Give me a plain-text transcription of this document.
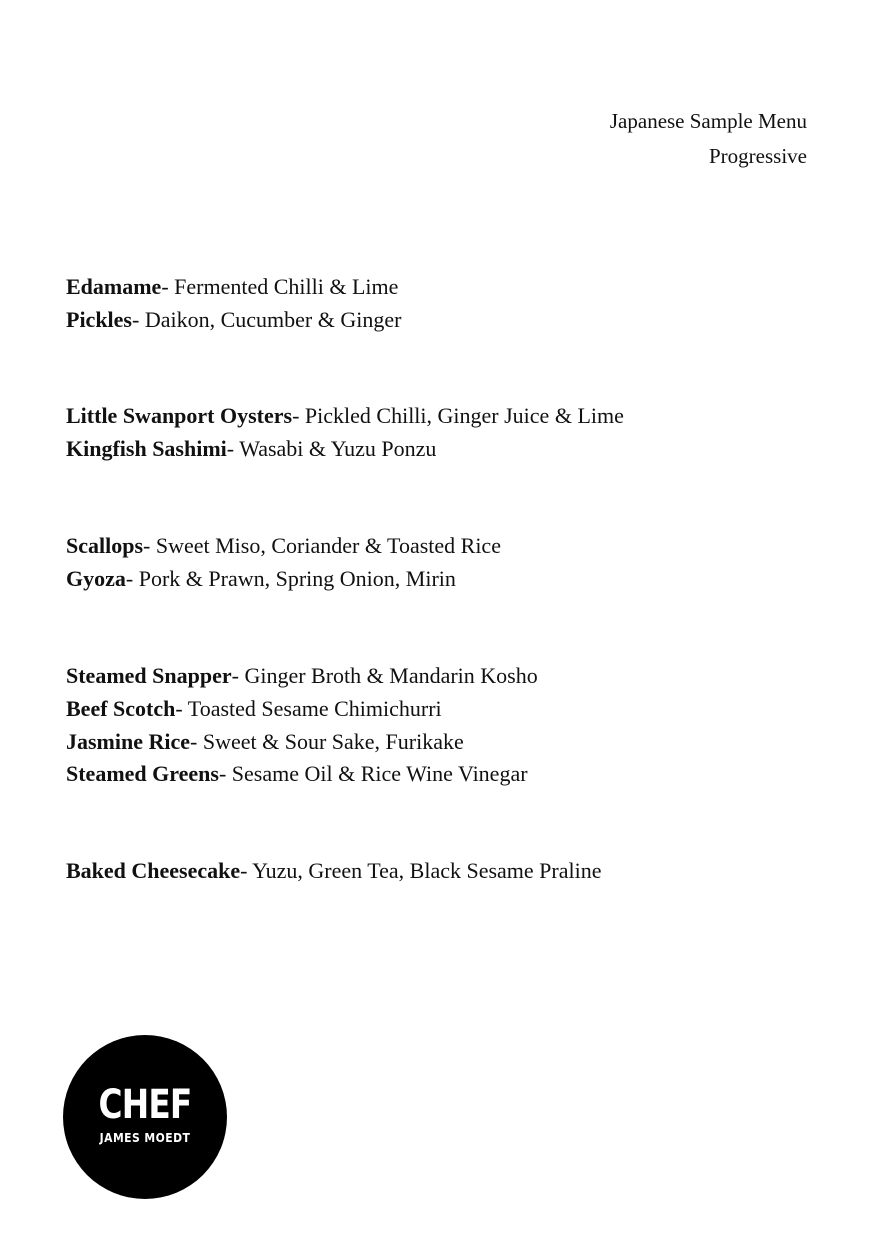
Japanese Sample Menu
Progressive
Edamame- Fermented Chilli & Lime
Pickles- Daikon, Cucumber & Ginger
Little Swanport Oysters- Pickled Chilli, Ginger Juice & Lime
Kingfish Sashimi- Wasabi & Yuzu Ponzu
Scallops- Sweet Miso, Coriander & Toasted Rice
Gyoza- Pork & Prawn, Spring Onion, Mirin
Steamed Snapper- Ginger Broth & Mandarin Kosho
Beef Scotch- Toasted Sesame Chimichurri
Jasmine Rice- Sweet & Sour Sake, Furikake
Steamed Greens- Sesame Oil & Rice Wine Vinegar
Baked Cheesecake- Yuzu, Green Tea, Black Sesame Praline
CHEF
JAMES MOEDT
